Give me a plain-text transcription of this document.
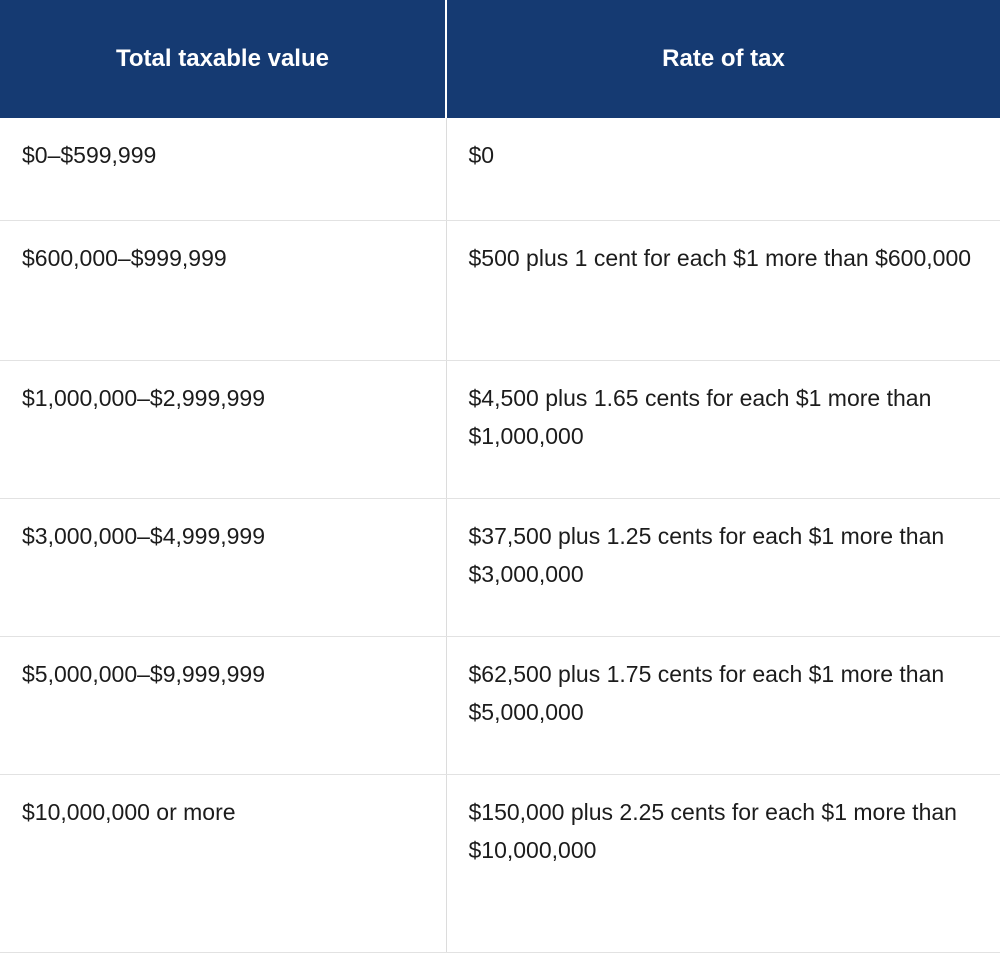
Total taxable value	Rate of tax
$0–$599,999	$0
$600,000–$999,999	$500 plus 1 cent for each $1 more than $600,000
$1,000,000–$2,999,999	$4,500 plus 1.65 cents for each $1 more than $1,000,000
$3,000,000–$4,999,999	$37,500 plus 1.25 cents for each $1 more than $3,000,000
$5,000,000–$9,999,999	$62,500 plus 1.75 cents for each $1 more than $5,000,000
$10,000,000 or more	$150,000 plus 2.25 cents for each $1 more than $10,000,000
